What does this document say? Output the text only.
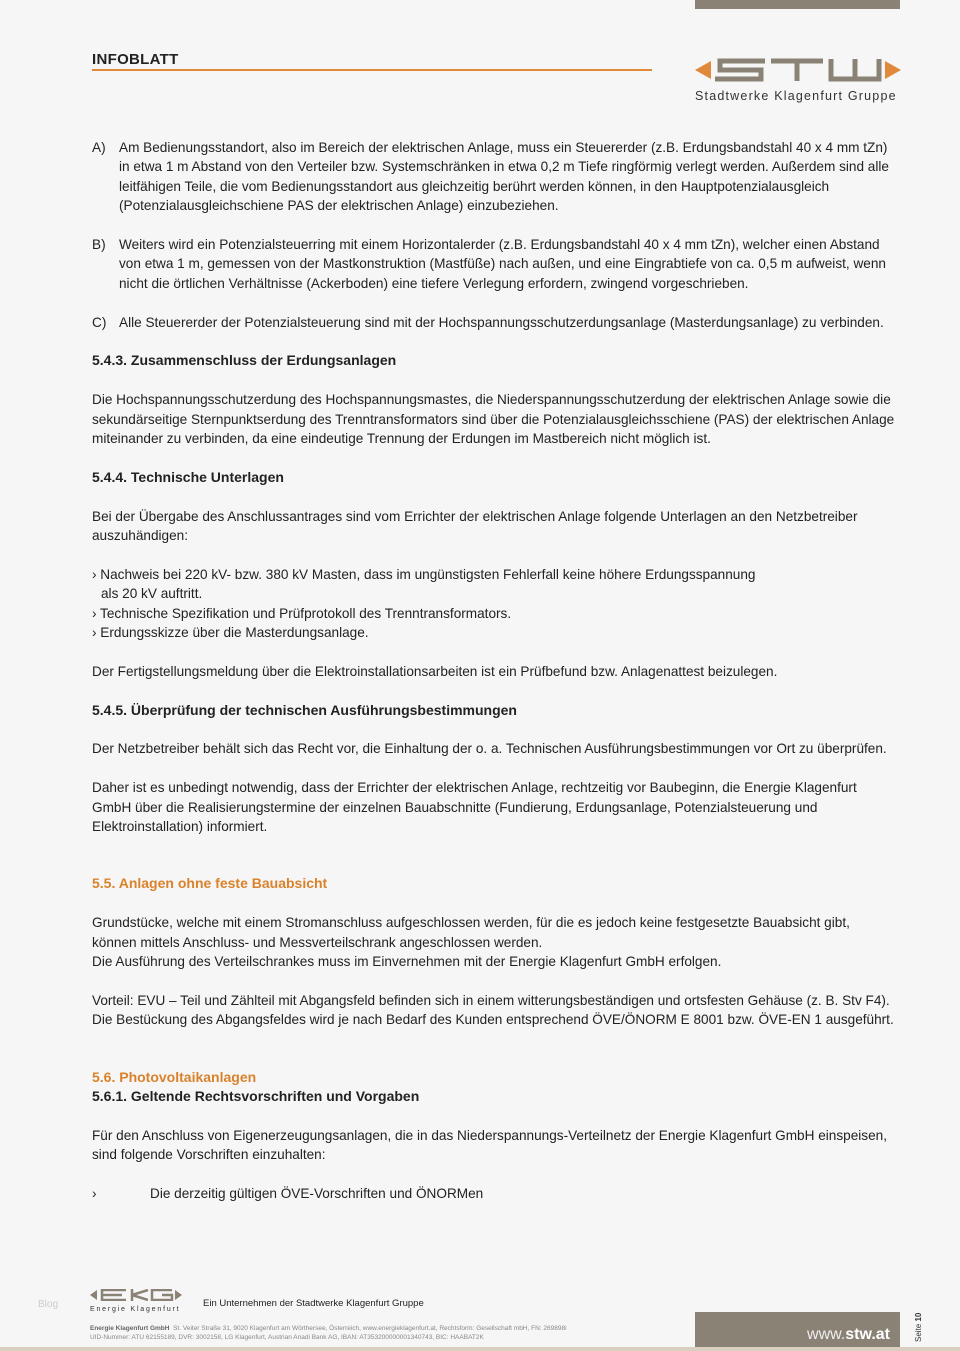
INFOBLATT
Stadtwerke Klagenfurt Gruppe
A) Am Bedienungsstandort, also im Bereich der elektrischen Anlage, muss ein Steuererder (z.B. Erdungsbandstahl 40 x 4 mm tZn) in etwa 1 m Abstand von den Verteiler bzw. Systemschränken in etwa 0,2 m Tiefe ringförmig verlegt werden. Außerdem sind alle leitfähigen Teile, die vom Bedienungsstandort aus gleichzeitig berührt werden können, in den Hauptpotenzialausgleich (Potenzialausgleichschiene PAS der elektrischen Anlage) einzubeziehen.
B) Weiters wird ein Potenzialsteuerring mit einem Horizontalerder (z.B. Erdungsbandstahl 40 x 4 mm tZn), welcher einen Abstand von etwa 1 m, gemessen von der Mastkonstruktion (Mastfüße) nach außen, und eine Eingrabtiefe von ca. 0,5 m aufweist, wenn nicht die örtlichen Verhältnisse (Ackerboden) eine tiefere Verlegung erfordern, zwingend vorgeschrieben.
C) Alle Steuererder der Potenzialsteuerung sind mit der Hochspannungsschutzerdungsanlage (Masterdungsanlage) zu verbinden.
5.4.3. Zusammenschluss der Erdungsanlagen

Die Hochspannungsschutzerdung des Hochspannungsmastes, die Niederspannungsschutzerdung der elektrischen Anlage sowie die sekundärseitige Sternpunktserdung des Trenntransformators sind über die Potenzialausgleichsschiene (PAS) der elektrischen Anlage miteinander zu verbinden, da eine eindeutige Trennung der Erdungen im Mastbereich nicht möglich ist.

5.4.4. Technische Unterlagen

Bei der Übergabe des Anschlussantrages sind vom Errichter der elektrischen Anlage folgende Unterlagen an den Netzbetreiber auszuhändigen:

› Nachweis bei 220 kV- bzw. 380 kV Masten, dass im ungünstigsten Fehlerfall keine höhere Erdungsspannung

als 20 kV auftritt.

› Technische Spezifikation und Prüfprotokoll des Trenntransformators.

› Erdungsskizze über die Masterdungsanlage.

Der Fertigstellungsmeldung über die Elektroinstallationsarbeiten ist ein Prüfbefund bzw. Anlagenattest beizulegen.

5.4.5. Überprüfung der technischen Ausführungsbestimmungen

Der Netzbetreiber behält sich das Recht vor, die Einhaltung der o. a. Technischen Ausführungsbestimmungen vor Ort zu überprüfen.

Daher ist es unbedingt notwendig, dass der Errichter der elektrischen Anlage, rechtzeitig vor Baubeginn, die Energie Klagenfurt GmbH über die Realisierungstermine der einzelnen Bauabschnitte (Fundierung, Erdungsanlage, Potenzialsteuerung und Elektroinstallation) informiert.

5.5. Anlagen ohne feste Bauabsicht

Grundstücke, welche mit einem Stromanschluss aufgeschlossen werden, für die es jedoch keine festgesetzte Bauabsicht gibt, können mittels Anschluss- und Messverteilschrank angeschlossen werden.

Die Ausführung des Verteilschrankes muss im Einvernehmen mit der Energie Klagenfurt GmbH erfolgen.

Vorteil: EVU – Teil und Zählteil mit Abgangsfeld befinden sich in einem witterungsbeständigen und ortsfesten Gehäuse (z. B. Stv F4). Die Bestückung des Abgangsfeldes wird je nach Bedarf des Kunden entsprechend ÖVE/ÖNORM E 8001 bzw. ÖVE-EN 1 ausgeführt.

5.6. Photovoltaikanlagen
5.6.1. Geltende Rechtsvorschriften und Vorgaben

Für den Anschluss von Eigenerzeugungsanlagen, die in das Niederspannungs-Verteilnetz der Energie Klagenfurt GmbH einspeisen, sind folgende Vorschriften einzuhalten:

›	Die derzeitig gültigen ÖVE-Vorschriften und ÖNORMen
Blog	Energie Klagenfurt
Ein Unternehmen der Stadtwerke Klagenfurt Gruppe
Energie Klagenfurt GmbH St. Veiter Straße 31, 9020 Klagenfurt am Wörthersee, Österreich, www.energieklagenfurt.at, Rechtsform: Gesellschaft mbH, FN: 269898i
UID-Nummer: ATU 62155189, DVR: 3002158, LG Klagenfurt, Austrian Anadi Bank AG, IBAN: AT353200000001340743, BIC: HAABAT2K	www.stw.at	Seite 10
